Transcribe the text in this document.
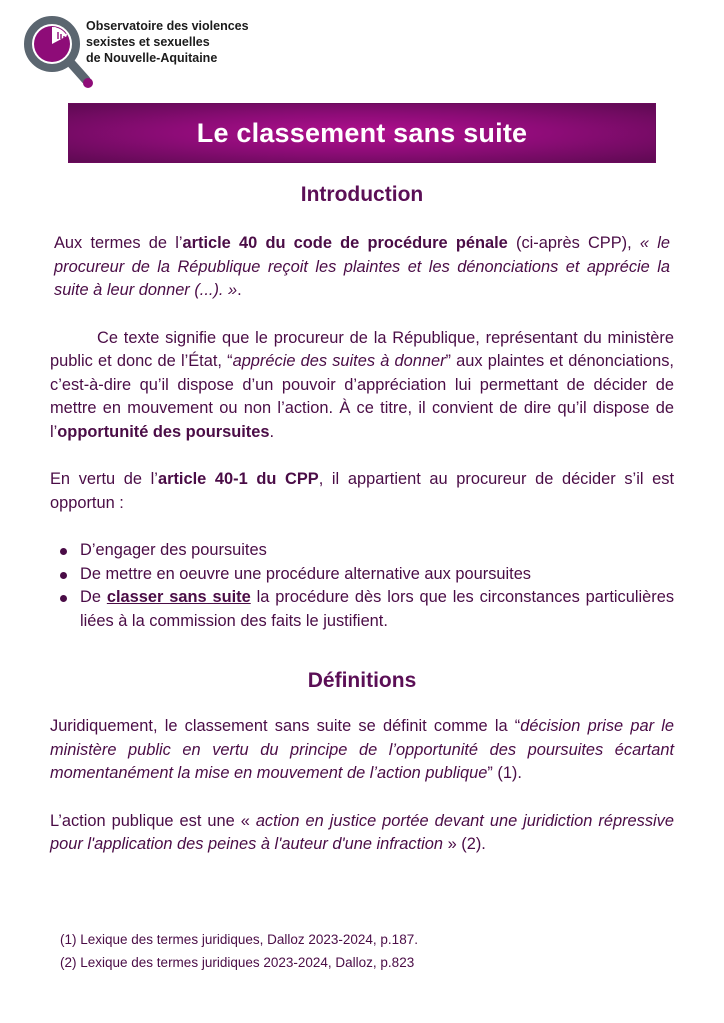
Observatoire des violences
sexistes et sexuelles
de Nouvelle-Aquitaine
Le classement sans suite
Introduction

Aux termes de l’article 40 du code de procédure pénale (ci-après CPP), « le procureur de la République reçoit les plaintes et les dénonciations et apprécie la suite à leur donner (...). ».

Ce texte signifie que le procureur de la République, représentant du ministère public et donc de l’État, “apprécie des suites à donner” aux plaintes et dénonciations, c’est-à-dire qu’il dispose d’un pouvoir d’appréciation lui permettant de décider de mettre en mouvement ou non l’action. À ce titre, il convient de dire qu’il dispose de l’opportunité des poursuites.

En vertu de l’article 40-1 du CPP, il appartient au procureur de décider s’il est opportun :

D’engager des poursuites
De mettre en oeuvre une procédure alternative aux poursuites
De classer sans suite la procédure dès lors que les circonstances particulières liées à la commission des faits le justifient.
Définitions

Juridiquement, le classement sans suite se définit comme la “décision prise par le ministère public en vertu du principe de l’opportunité des poursuites écartant momentanément la mise en mouvement de l’action publique” (1).

L’action publique est une « action en justice portée devant une juridiction répressive pour l'application des peines à l'auteur d'une infraction » (2).

(1) Lexique des termes juridiques, Dalloz 2023-2024, p.187.
(2) Lexique des termes juridiques 2023-2024, Dalloz, p.823
